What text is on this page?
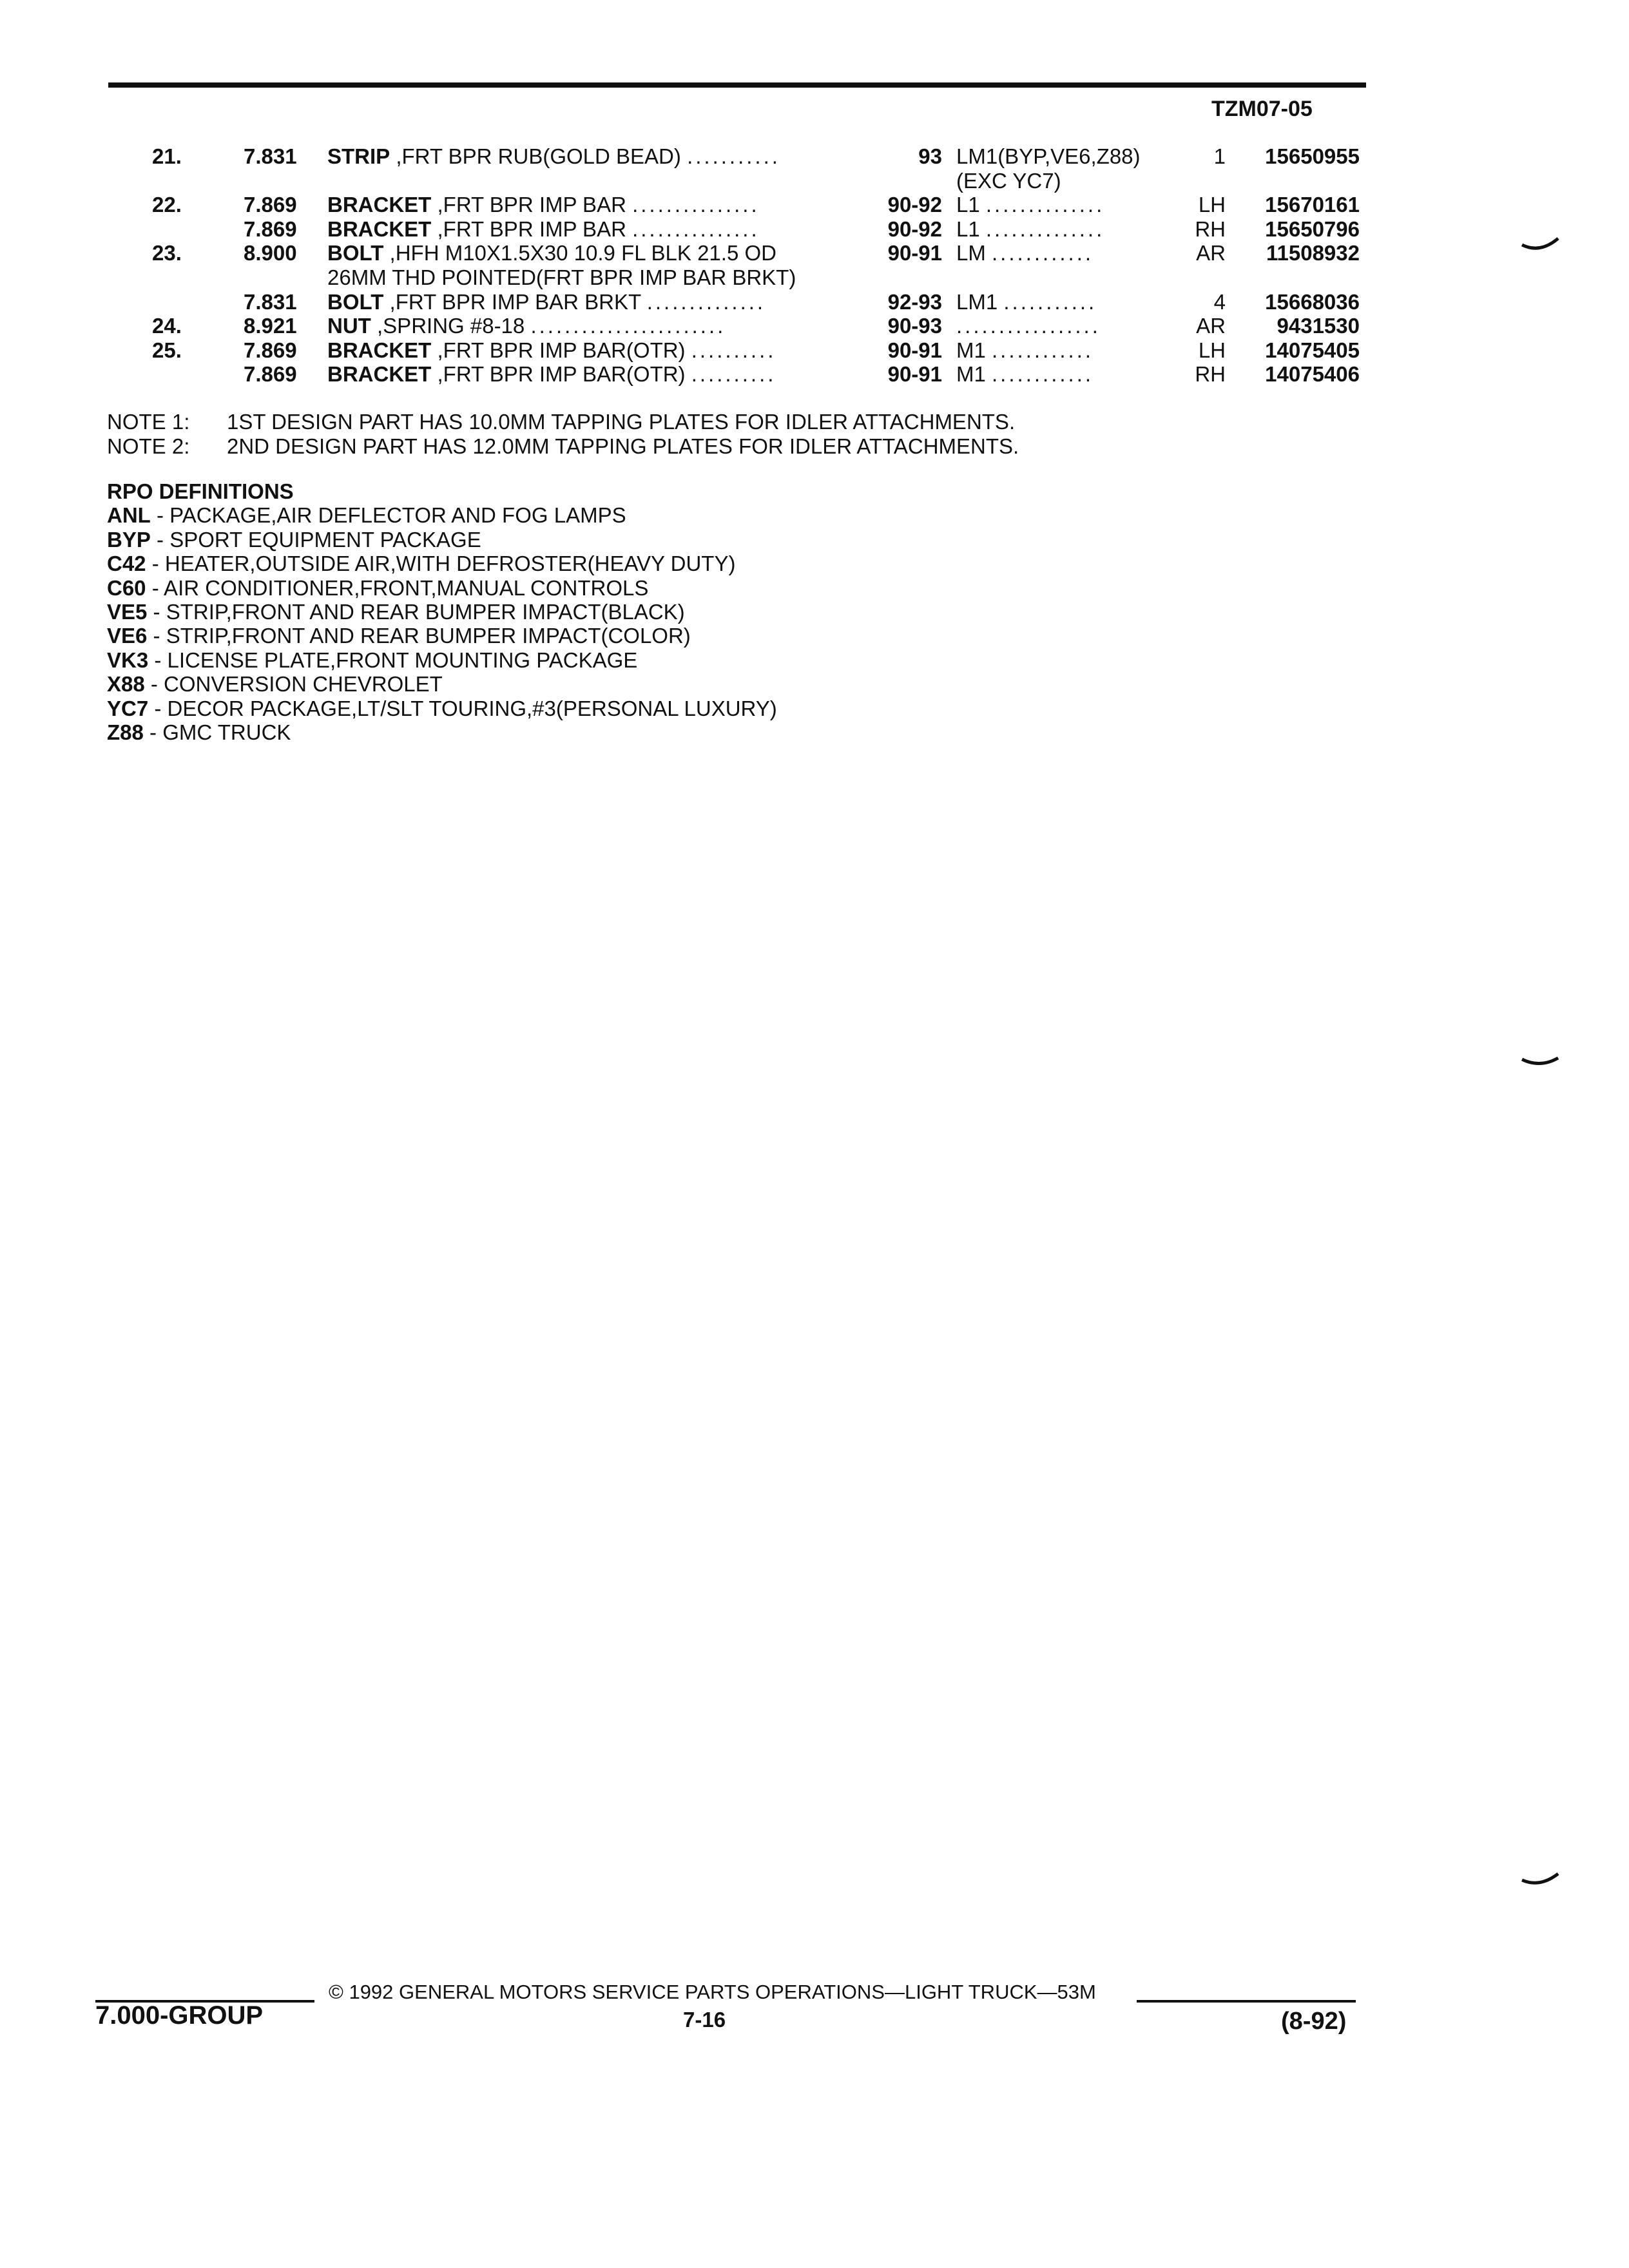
TZM07-05
21.	7.831 STRIP ,FRT BPR RUB(GOLD BEAD) ...........	93 LM1(BYP,VE6,Z88)	1	15650955
(EXC YC7)
22.	7.869 BRACKET ,FRT BPR IMP BAR ...............	90-92 L1 ..............	LH	15670161
7.869 BRACKET ,FRT BPR IMP BAR ...............	90-92 L1 ..............	RH	15650796
23.	8.900 BOLT ,HFH M10X1.5X30 10.9 FL BLK 21.5 OD	90-91 LM ............	AR	11508932
26MM THD POINTED(FRT BPR IMP BAR BRKT)
7.831 BOLT ,FRT BPR IMP BAR BRKT ..............	92-93 LM1 ...........	4	15668036
24.	8.921 NUT ,SPRING #8-18 .......................	90-93 .................	AR	9431530
25.	7.869 BRACKET ,FRT BPR IMP BAR(OTR) ..........	90-91 M1 ............	LH	14075405
7.869 BRACKET ,FRT BPR IMP BAR(OTR) ..........	90-91 M1 ............	RH	14075406
NOTE 1: 1ST DESIGN PART HAS 10.0MM TAPPING PLATES FOR IDLER ATTACHMENTS.
NOTE 2: 2ND DESIGN PART HAS 12.0MM TAPPING PLATES FOR IDLER ATTACHMENTS.
RPO DEFINITIONS
ANL - PACKAGE,AIR DEFLECTOR AND FOG LAMPS
BYP - SPORT EQUIPMENT PACKAGE
C42 - HEATER,OUTSIDE AIR,WITH DEFROSTER(HEAVY DUTY)
C60 - AIR CONDITIONER,FRONT,MANUAL CONTROLS
VE5 - STRIP,FRONT AND REAR BUMPER IMPACT(BLACK)
VE6 - STRIP,FRONT AND REAR BUMPER IMPACT(COLOR)
VK3 - LICENSE PLATE,FRONT MOUNTING PACKAGE
X88 - CONVERSION CHEVROLET
YC7 - DECOR PACKAGE,LT/SLT TOURING,#3(PERSONAL LUXURY)
Z88 - GMC TRUCK
7.000-GROUP
© 1992 GENERAL MOTORS SERVICE PARTS OPERATIONS—LIGHT TRUCK—53M
7-16	(8-92)
